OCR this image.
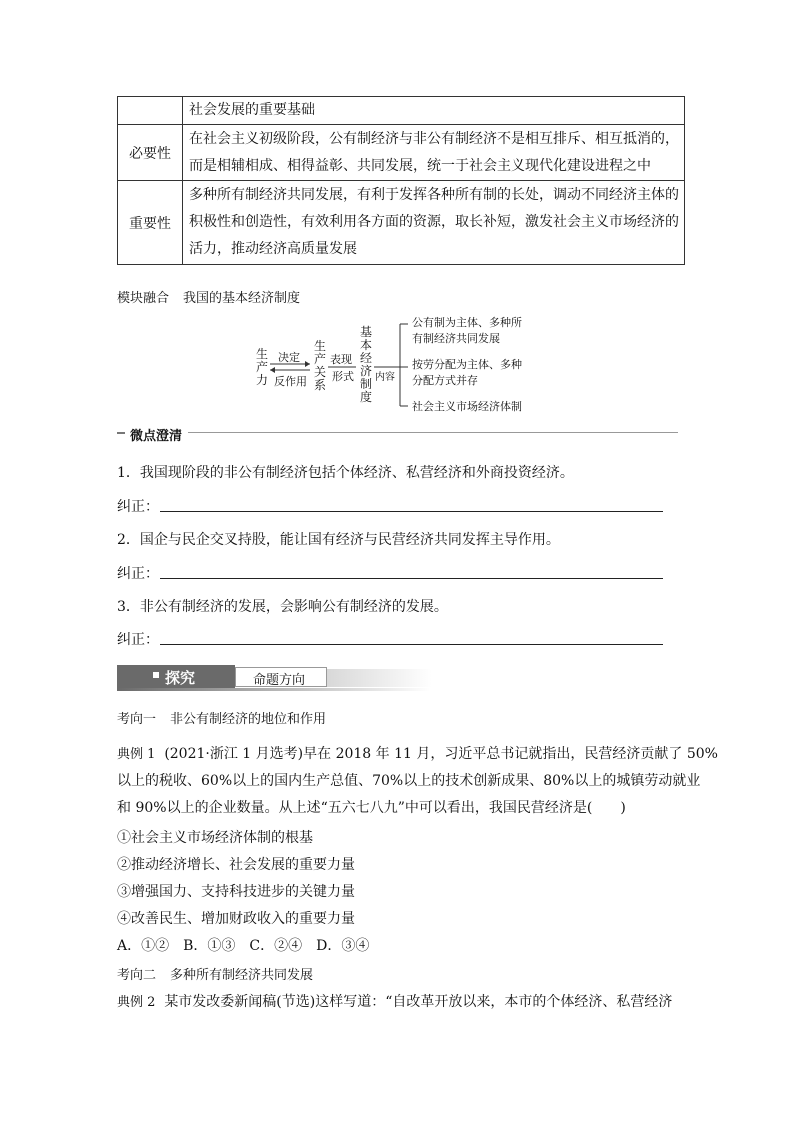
	社会发展的重要基础
必要性	在社会主义初级阶段，公有制经济与非公有制经济不是相互排斥、相互抵消的，
而是相辅相成、相得益彰、共同发展，统一于社会主义现代化建设进程之中

重要性	多种所有制经济共同发展，有利于发挥各种所有制的长处，调动不同经济主体的
积极性和创造性，有效利用各方面的资源，取长补短，激发社会主义市场经济的
活力，推动经济高质量发展
模块融合 我国的基本经济制度
生
产
力
决定
反作用
生
产
关
系
表现
形式
基
本
经
济
制
度
内容
公有制为主体、多种所
有制经济共同发展
按劳分配为主体、多种
分配方式并存
社会主义市场经济体制
微点澄清
1．我国现阶段的非公有制经济包括个体经济、私营经济和外商投资经济。
纠正：
2．国企与民企交叉持股，能让国有经济与民营经济共同发挥主导作用。
纠正：
3．非公有制经济的发展，会影响公有制经济的发展。
纠正：
探究	命题方向
考向一 非公有制经济的地位和作用
典例 1 (2021·浙江 1 月选考)早在 2018 年 11 月，习近平总书记就指出，民营经济贡献了 50%
以上的税收、60%以上的国内生产总值、70%以上的技术创新成果、80%以上的城镇劳动就业
和 90%以上的企业数量。从上述“五六七八九”中可以看出，我国民营经济是(　　)
①社会主义市场经济体制的根基
②推动经济增长、社会发展的重要力量
③增强国力、支持科技进步的关键力量
④改善民生、增加财政收入的重要力量
A．①②　B．①③　C．②④　D．③④
考向二 多种所有制经济共同发展
典例 2 某市发改委新闻稿(节选)这样写道：“自改革开放以来，本市的个体经济、私营经济
